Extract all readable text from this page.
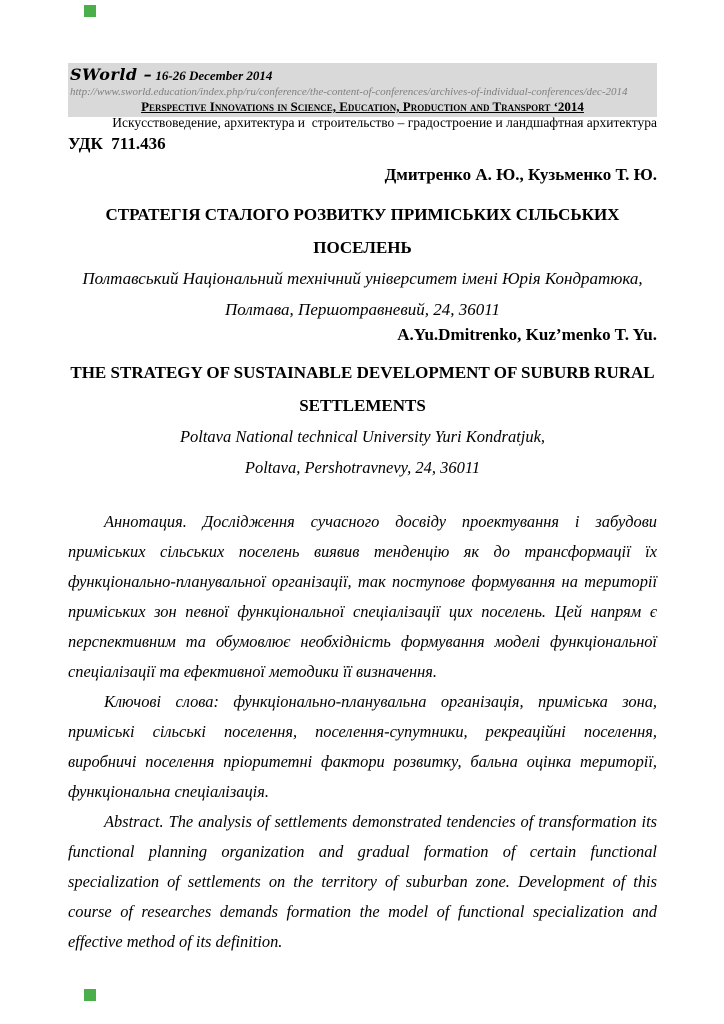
SWorld – 16-26 December 2014
http://www.sworld.education/index.php/ru/conference/the-content-of-conferences/archives-of-individual-conferences/dec-2014
Perspective Innovations in Science, Education, Production and Transport ‘2014
Искусствоведение, архитектура и  строительство – градостроение и ландшафтная архитектура
УДК  711.436
Дмитренко А. Ю., Кузьменко Т. Ю.
СТРАТЕГІЯ СТАЛОГО РОЗВИТКУ ПРИМІСЬКИХ СІЛЬСЬКИХ ПОСЕЛЕНЬ
Полтавський Національний технічний університет імені Юрія Кондратюка,
Полтава, Першотравневий, 24, 36011
A.Yu.Dmitrenko, Kuz’menko T. Yu.
THE STRATEGY OF SUSTAINABLE DEVELOPMENT OF SUBURB RURAL SETTLEMENTS
Poltava National technical University Yuri Kondratjuk,
Poltava, Pershotravnevy, 24, 36011

Аннотация. Дослідження сучасного досвіду проектування і забудови приміських сільських поселень виявив тенденцію як до трансформації їх функціонально-планувальної організації, так поступове формування на території приміських зон певної функціональної спеціалізації цих поселень. Цей напрям є перспективним та обумовлює необхідність формування моделі функціональної спеціалізації та ефективної методики її визначення.

Ключові слова: функціонально-планувальна організація, приміська зона, приміські сільські поселення, поселення-супутники, рекреаційні поселення, виробничі поселення пріоритетні фактори розвитку, бальна оцінка території, функціональна спеціалізація.

Abstract. The analysis of settlements demonstrated tendencies of transformation its functional planning organization and gradual formation of certain functional specialization of settlements on the territory of suburban zone. Development of this course of researches demands formation the model of functional specialization and effective method of its definition.
